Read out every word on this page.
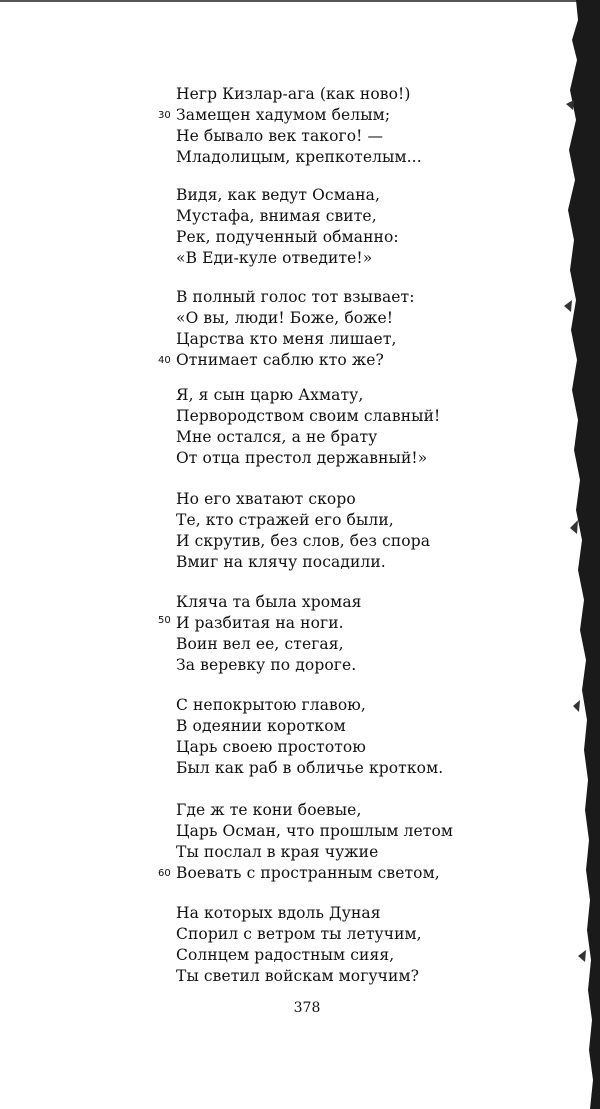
Негр Кизлар-ага (как ново!)
Замещен хадумом белым;
Не бывало век такого! —
Младолицым, крепкотелым...
30
Видя, как ведут Османа,
Мустафа, внимая свите,
Рек, подученный обманно:
«В Еди-куле отведите!»
В полный голос тот взывает:
«О вы, люди! Боже, боже!
Царства кто меня лишает,
Отнимает саблю кто же?
40
Я, я сын царю Ахмату,
Первородством своим славный!
Мне остался, а не брату
От отца престол державный!»
Но его хватают скоро
Те, кто стражей его были,
И скрутив, без слов, без спора
Вмиг на клячу посадили.
Кляча та была хромая
И разбитая на ноги.
Воин вел ее, стегая,
За веревку по дороге.
50
С непокрытою главою,
В одеянии коротком
Царь своею простотою
Был как раб в обличье кротком.
Где ж те кони боевые,
Царь Осман, что прошлым летом
Ты послал в края чужие
Воевать с пространным светом,
60
На которых вдоль Дуная
Спорил с ветром ты летучим,
Солнцем радостным сияя,
Ты светил войскам могучим?
378
